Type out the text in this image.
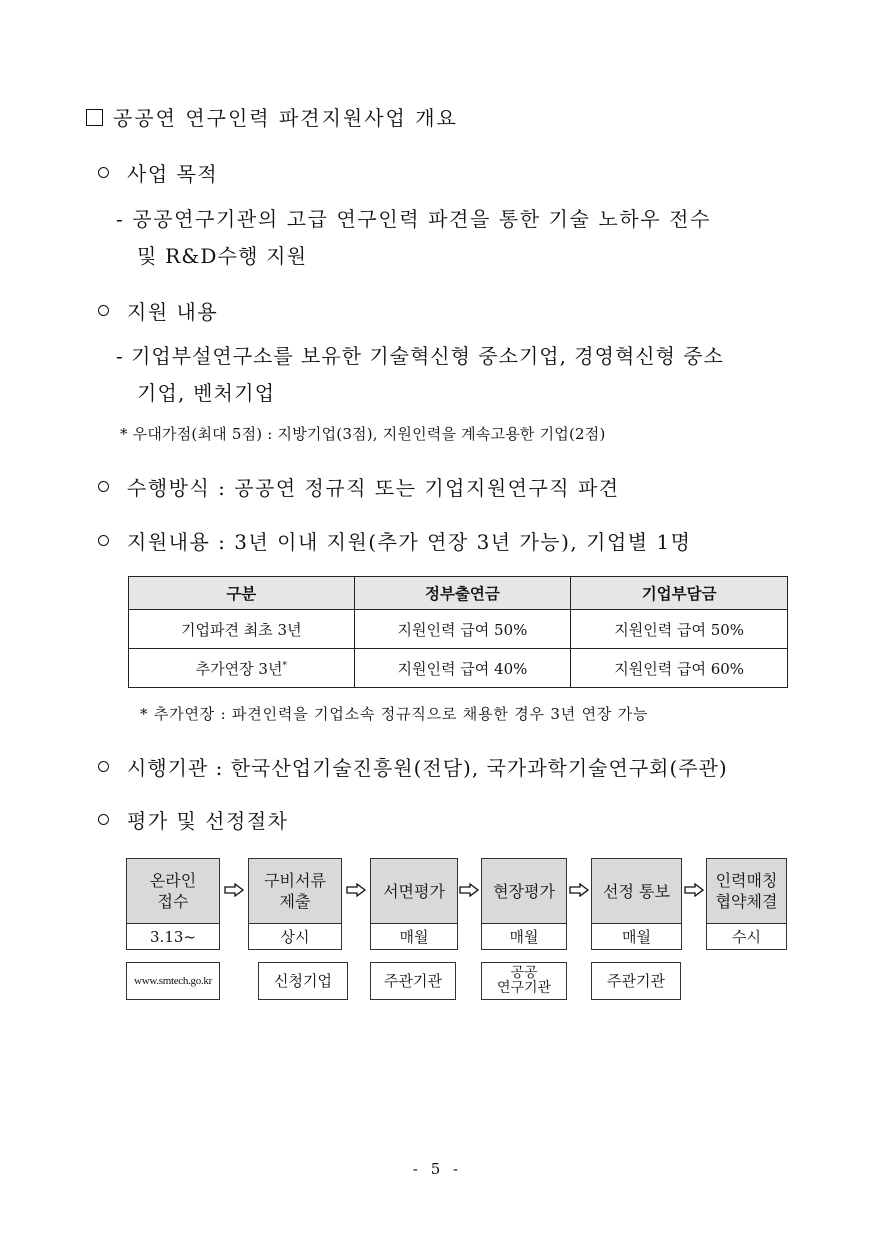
공공연 연구인력 파견지원사업 개요
사업 목적
- 공공연구기관의 고급 연구인력 파견을 통한 기술 노하우 전수
및 R&D수행 지원
지원 내용
- 기업부설연구소를 보유한 기술혁신형 중소기업, 경영혁신형 중소
기업, 벤처기업
* 우대가점(최대 5점) : 지방기업(3점), 지원인력을 계속고용한 기업(2점)
수행방식 : 공공연 정규직 또는 기업지원연구직 파견
지원내용 : 3년 이내 지원(추가 연장 3년 가능), 기업별 1명
구분	정부출연금	기업부담금
기업파견 최초 3년	지원인력 급여 50%	지원인력 급여 50%
추가연장 3년*	지원인력 급여 40%	지원인력 급여 60%
* 추가연장 : 파견인력을 기업소속 정규직으로 채용한 경우 3년 연장 가능
시행기관 : 한국산업기술진흥원(전담), 국가과학기술연구회(주관)
평가 및 선정절차
온라인
접수
3.13~
구비서류
제출
상시
서면평가
매월
현장평가
매월
선정 통보
매월
인력매칭
협약체결
수시
www.smtech.go.kr	신청기업	주관기관	공공
연구기관	주관기관
- 5 -
